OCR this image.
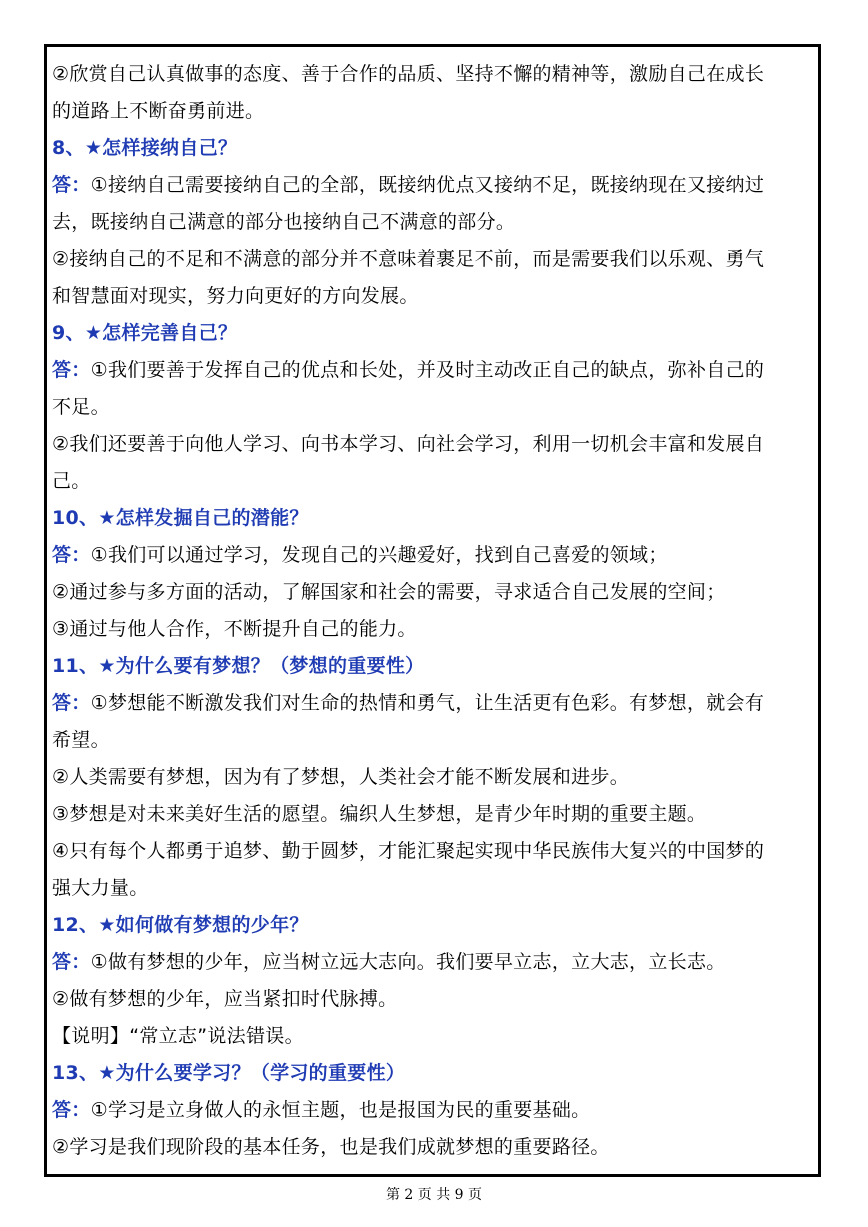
②欣赏自己认真做事的态度、善于合作的品质、坚持不懈的精神等，激励自己在成长
的道路上不断奋勇前进。
8、★怎样接纳自己？
答：①接纳自己需要接纳自己的全部，既接纳优点又接纳不足，既接纳现在又接纳过
去，既接纳自己满意的部分也接纳自己不满意的部分。
②接纳自己的不足和不满意的部分并不意味着裹足不前，而是需要我们以乐观、勇气
和智慧面对现实，努力向更好的方向发展。
9、★怎样完善自己？
答：①我们要善于发挥自己的优点和长处，并及时主动改正自己的缺点，弥补自己的
不足。
②我们还要善于向他人学习、向书本学习、向社会学习，利用一切机会丰富和发展自
己。
10、★怎样发掘自己的潜能？
答：①我们可以通过学习，发现自己的兴趣爱好，找到自己喜爱的领域；
②通过参与多方面的活动，了解国家和社会的需要，寻求适合自己发展的空间；
③通过与他人合作，不断提升自己的能力。
11、★为什么要有梦想？（梦想的重要性）
答：①梦想能不断激发我们对生命的热情和勇气，让生活更有色彩。有梦想，就会有
希望。
②人类需要有梦想，因为有了梦想，人类社会才能不断发展和进步。
③梦想是对未来美好生活的愿望。编织人生梦想，是青少年时期的重要主题。
④只有每个人都勇于追梦、勤于圆梦，才能汇聚起实现中华民族伟大复兴的中国梦的
强大力量。
12、★如何做有梦想的少年？
答：①做有梦想的少年，应当树立远大志向。我们要早立志，立大志，立长志。
②做有梦想的少年，应当紧扣时代脉搏。
【说明】“常立志”说法错误。
13、★为什么要学习？（学习的重要性）
答：①学习是立身做人的永恒主题，也是报国为民的重要基础。
②学习是我们现阶段的基本任务，也是我们成就梦想的重要路径。
第 2 页 共 9 页
